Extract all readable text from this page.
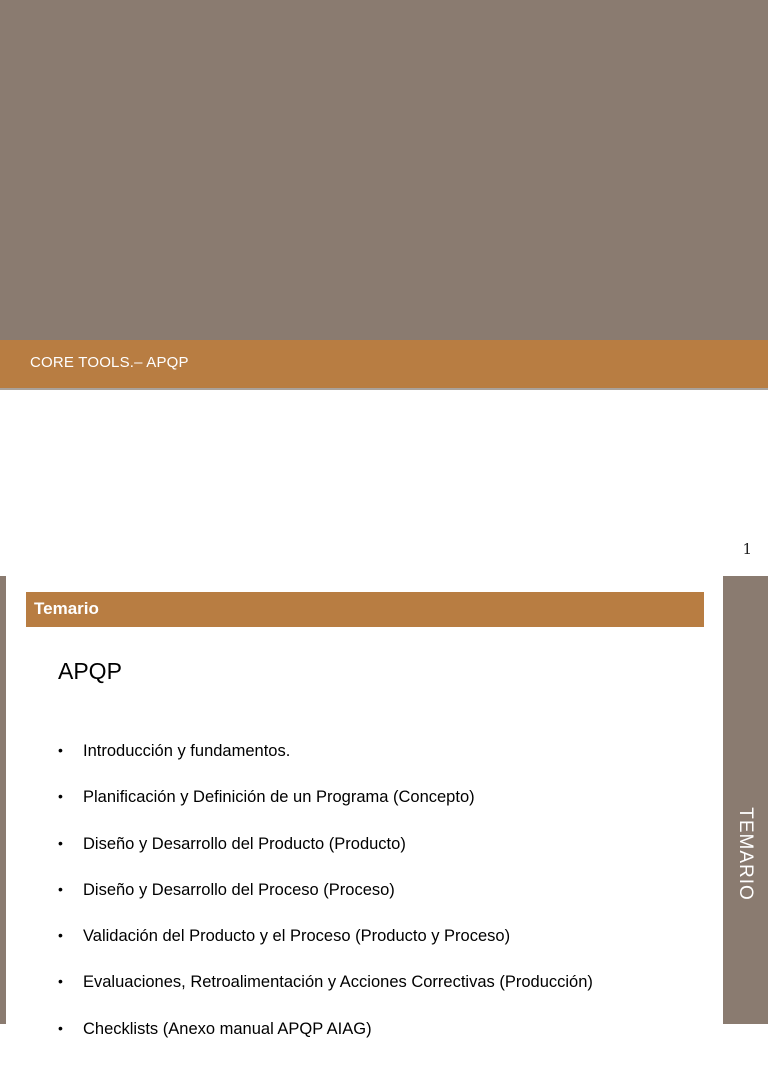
CORE TOOLS.– APQP
1
Temario
APQP
• Introducción y fundamentos.
• Planificación y Definición de un Programa (Concepto)
• Diseño y Desarrollo del Producto (Producto)
• Diseño y Desarrollo del Proceso (Proceso)
• Validación del Producto y el Proceso (Producto y Proceso)
• Evaluaciones, Retroalimentación y Acciones Correctivas (Producción)
• Checklists (Anexo manual APQP AIAG)
TEMARIO
